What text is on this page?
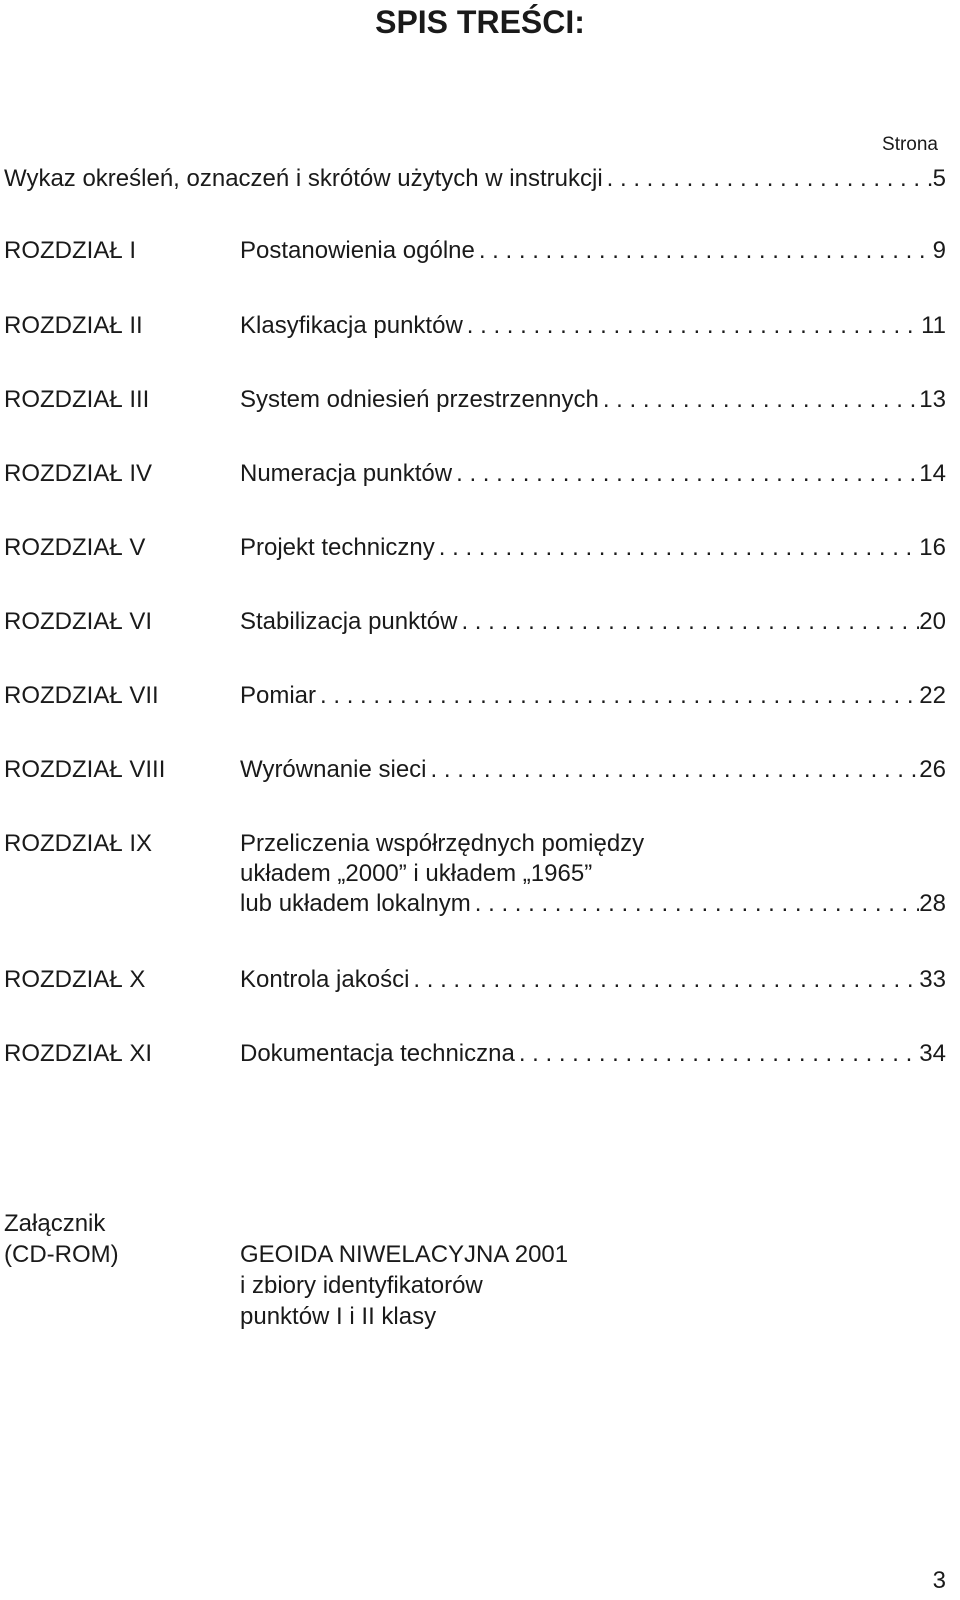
SPIS TREŚCI:
Strona
Wykaz określeń, oznaczeń i skrótów użytych w instrukcji . . .	5
ROZDZIAŁ I	Postanowienia ogólne . . .	9
ROZDZIAŁ II	Klasyfikacja punktów . . .	11
ROZDZIAŁ III	System odniesień przestrzennych . . .	13
ROZDZIAŁ IV	Numeracja punktów . . .	14
ROZDZIAŁ V	Projekt techniczny . . .	16
ROZDZIAŁ VI	Stabilizacja punktów . . .	20
ROZDZIAŁ VII	Pomiar . . .	22
ROZDZIAŁ VIII	Wyrównanie sieci . . .	26
ROZDZIAŁ IX	Przeliczenia współrzędnych pomiędzy
układem „2000” i układem „1965”
lub układem lokalnym . . .	28
ROZDZIAŁ X	Kontrola jakości . . .	33
ROZDZIAŁ XI	Dokumentacja techniczna . . .	34
Załącznik
(CD-ROM)	GEOIDA NIWELACYJNA 2001
i zbiory identyfikatorów
punktów I i II klasy
3
